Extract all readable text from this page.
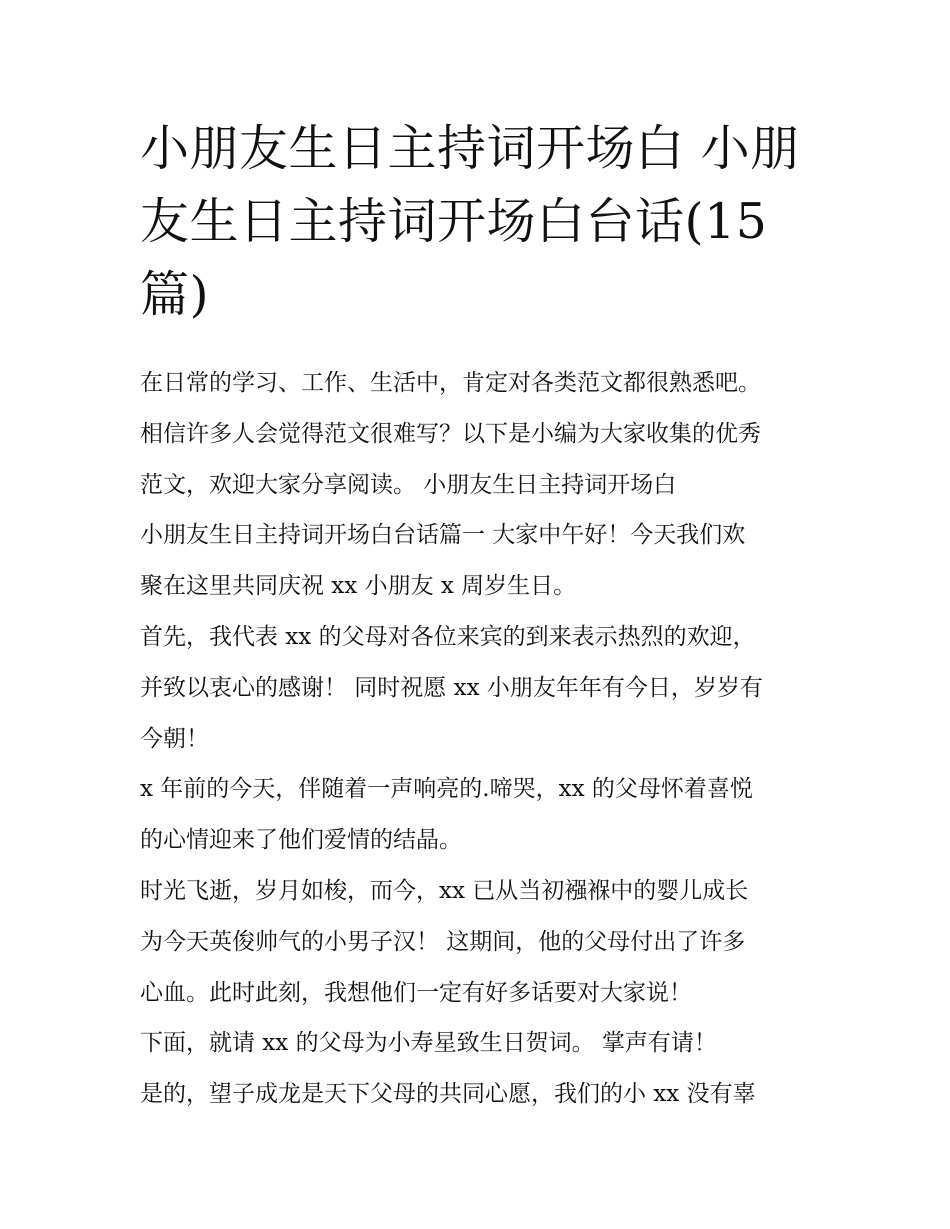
小朋友生日主持词开场白 小朋
友生日主持词开场白台话(15
篇)

在日常的学习、工作、生活中，肯定对各类范文都很熟悉吧。

相信许多人会觉得范文很难写？以下是小编为大家收集的优秀

范文，欢迎大家分享阅读。 小朋友生日主持词开场白

小朋友生日主持词开场白台话篇一 大家中午好！今天我们欢

聚在这里共同庆祝 xx 小朋友 x 周岁生日。

首先，我代表 xx 的父母对各位来宾的到来表示热烈的欢迎，

并致以衷心的感谢！ 同时祝愿 xx 小朋友年年有今日，岁岁有

今朝！

x 年前的今天，伴随着一声响亮的.啼哭，xx 的父母怀着喜悦

的心情迎来了他们爱情的结晶。

时光飞逝，岁月如梭，而今，xx 已从当初襁褓中的婴儿成长

为今天英俊帅气的小男子汉！ 这期间，他的父母付出了许多

心血。此时此刻，我想他们一定有好多话要对大家说！

下面，就请 xx 的父母为小寿星致生日贺词。 掌声有请！

是的，望子成龙是天下父母的共同心愿，我们的小 xx 没有辜
